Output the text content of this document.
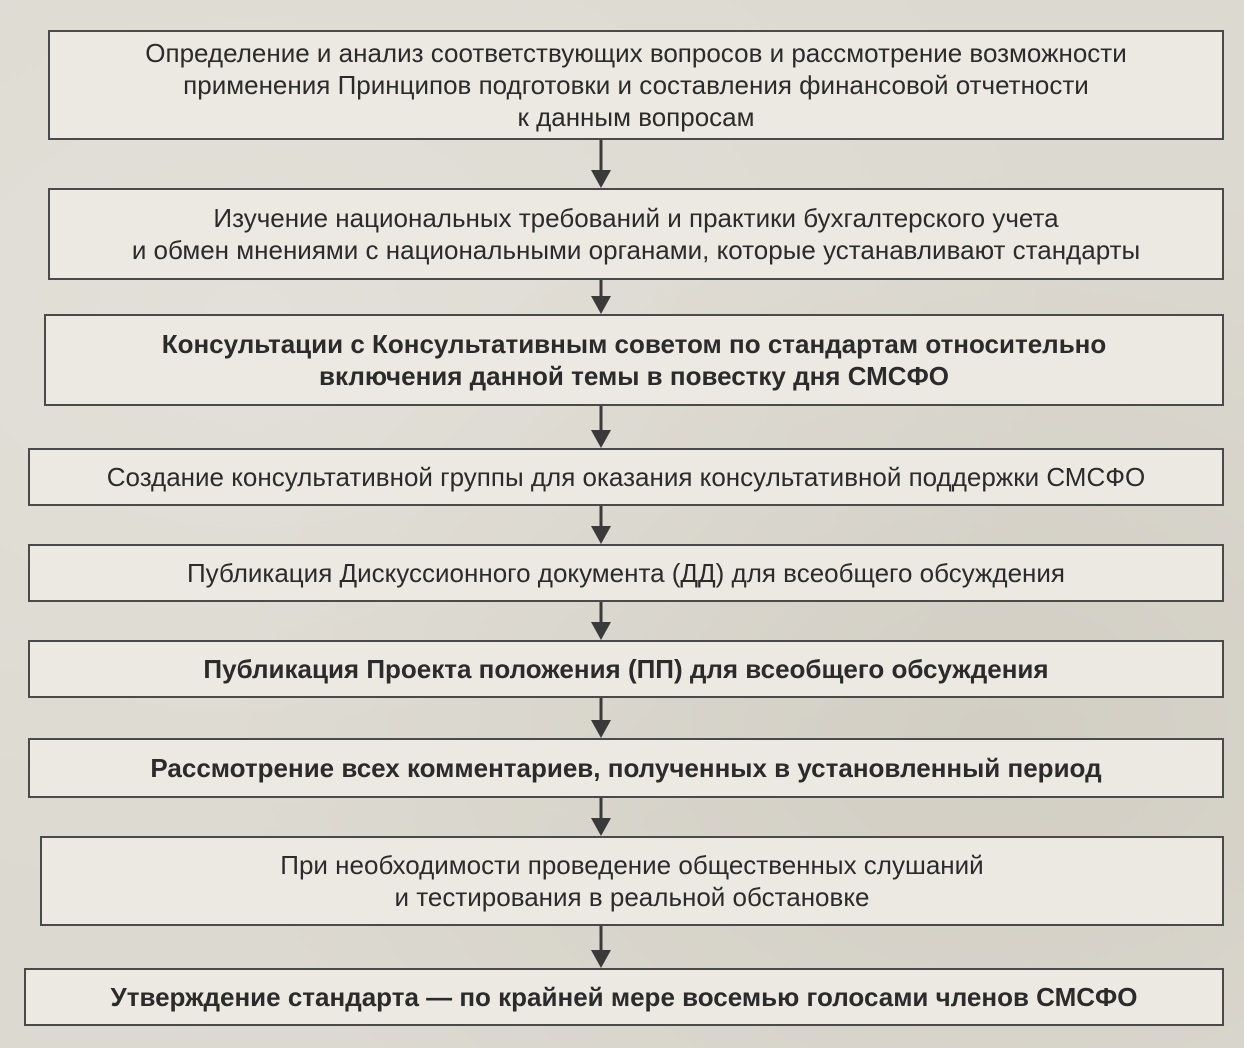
Определение и анализ соответствующих вопросов и рассмотрение возможности
применения Принципов подготовки и составления финансовой отчетности
к данным вопросам
Изучение национальных требований и практики бухгалтерского учета
и обмен мнениями с национальными органами, которые устанавливают стандарты
Консультации с Консультативным советом по стандартам относительно
включения данной темы в повестку дня СМСФО
Создание консультативной группы для оказания консультативной поддержки СМСФО
Публикация Дискуссионного документа (ДД) для всеобщего обсуждения
Публикация Проекта положения (ПП) для всеобщего обсуждения
Рассмотрение всех комментариев, полученных в установленный период
При необходимости проведение общественных слушаний
и тестирования в реальной обстановке
Утверждение стандарта — по крайней мере восемью голосами членов СМСФО
